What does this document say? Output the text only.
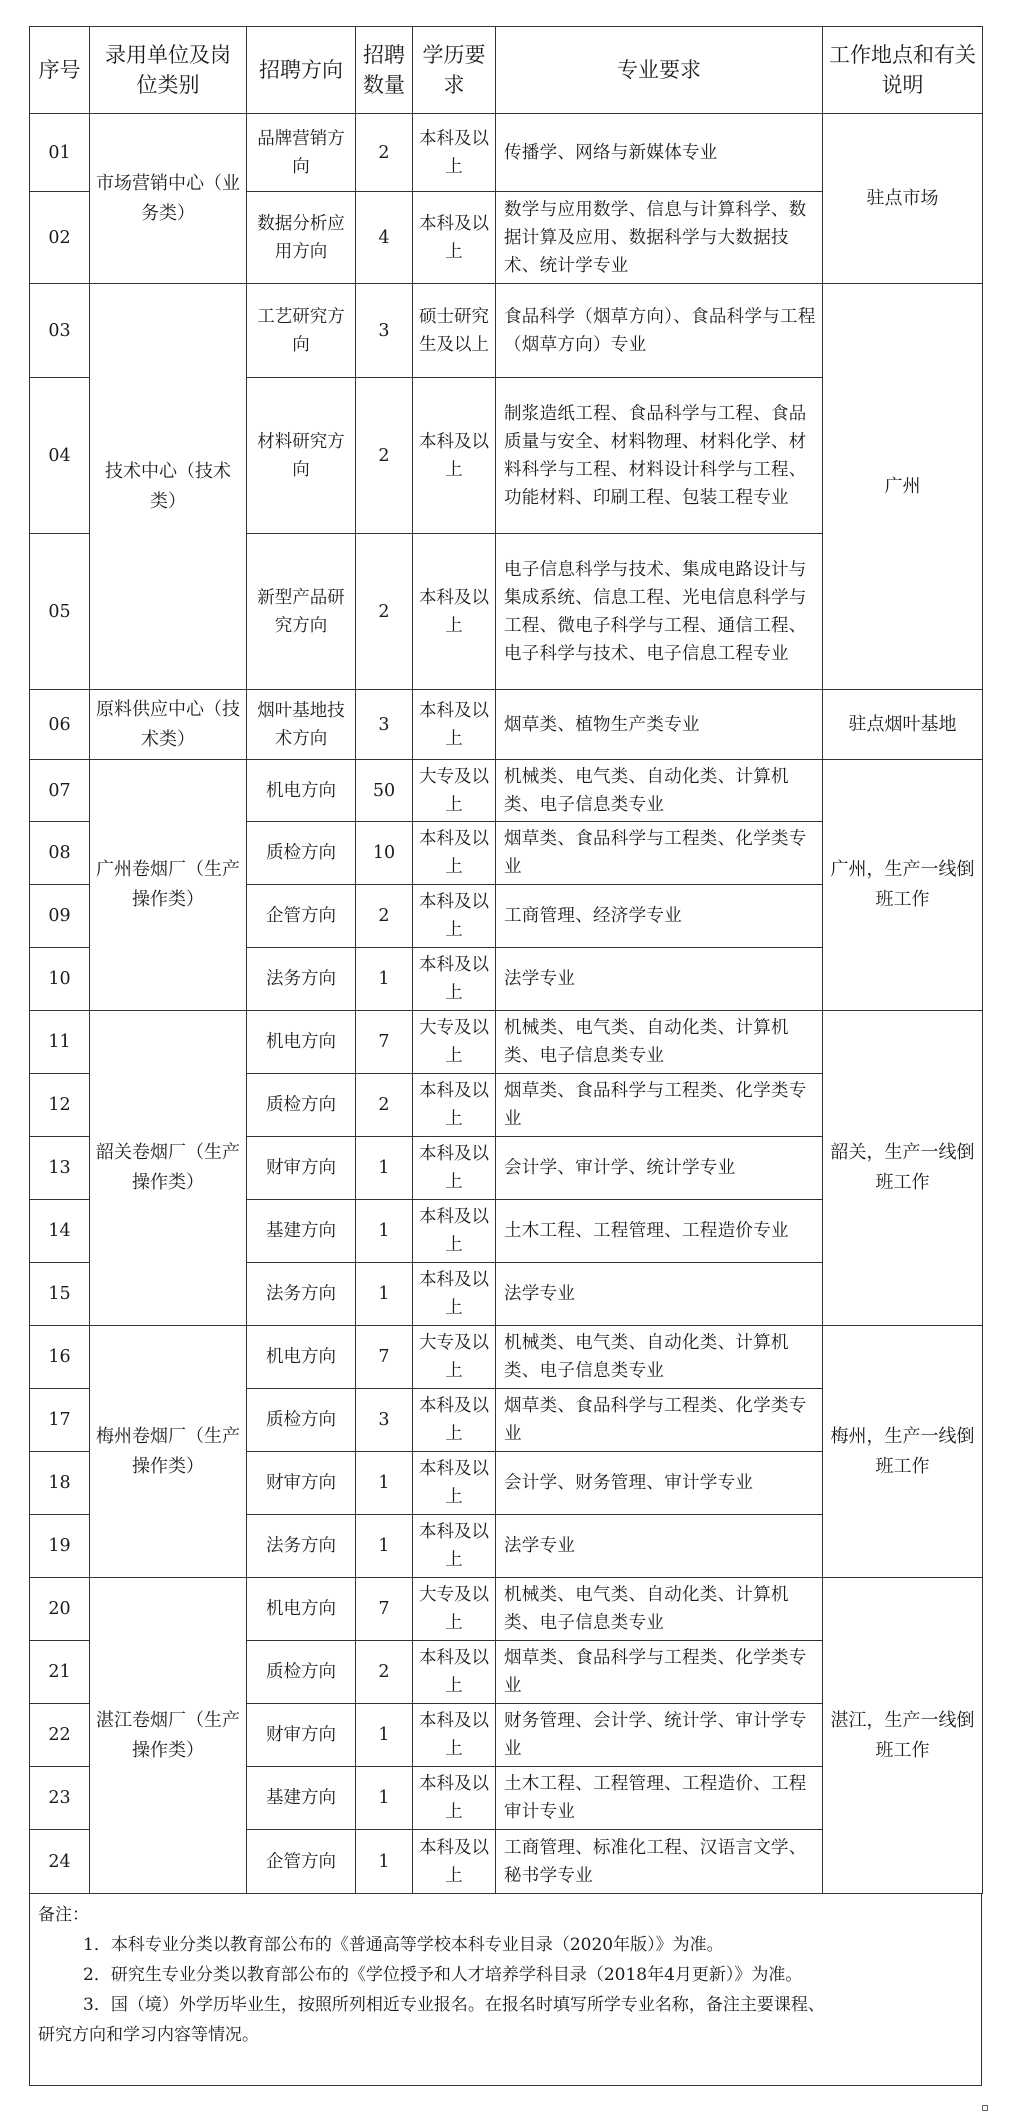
序号	录用单位及岗位类别	招聘方向	招聘数量	学历要求	专业要求	工作地点和有关说明
01	市场营销中心（业务类）	品牌营销方向	2	本科及以上	传播学、网络与新媒体专业	驻点市场
02		数据分析应用方向	4	本科及以上	数学与应用数学、信息与计算科学、数据计算及应用、数据科学与大数据技术、统计学专业	
03	技术中心（技术类）	工艺研究方向	3	硕士研究生及以上	食品科学（烟草方向）、食品科学与工程（烟草方向）专业	广州
04		材料研究方向	2	本科及以上	制浆造纸工程、食品科学与工程、食品质量与安全、材料物理、材料化学、材料科学与工程、材料设计科学与工程、功能材料、印刷工程、包装工程专业	
05		新型产品研究方向	2	本科及以上	电子信息科学与技术、集成电路设计与集成系统、信息工程、光电信息科学与工程、微电子科学与工程、通信工程、电子科学与技术、电子信息工程专业	
06	原料供应中心（技术类）	烟叶基地技术方向	3	本科及以上	烟草类、植物生产类专业	驻点烟叶基地
07	广州卷烟厂（生产操作类）	机电方向	50	大专及以上	机械类、电气类、自动化类、计算机类、电子信息类专业	广州，生产一线倒班工作
08		质检方向	10	本科及以上	烟草类、食品科学与工程类、化学类专业	
09		企管方向	2	本科及以上	工商管理、经济学专业	
10		法务方向	1	本科及以上	法学专业	
11	韶关卷烟厂（生产操作类）	机电方向	7	大专及以上	机械类、电气类、自动化类、计算机类、电子信息类专业	韶关，生产一线倒班工作
12		质检方向	2	本科及以上	烟草类、食品科学与工程类、化学类专业	
13		财审方向	1	本科及以上	会计学、审计学、统计学专业	
14		基建方向	1	本科及以上	土木工程、工程管理、工程造价专业	
15		法务方向	1	本科及以上	法学专业	
16	梅州卷烟厂（生产操作类）	机电方向	7	大专及以上	机械类、电气类、自动化类、计算机类、电子信息类专业	梅州，生产一线倒班工作
17		质检方向	3	本科及以上	烟草类、食品科学与工程类、化学类专业	
18		财审方向	1	本科及以上	会计学、财务管理、审计学专业	
19		法务方向	1	本科及以上	法学专业	
20	湛江卷烟厂（生产操作类）	机电方向	7	大专及以上	机械类、电气类、自动化类、计算机类、电子信息类专业	湛江，生产一线倒班工作
21		质检方向	2	本科及以上	烟草类、食品科学与工程类、化学类专业	
22		财审方向	1	本科及以上	财务管理、会计学、统计学、审计学专业	
23		基建方向	1	本科及以上	土木工程、工程管理、工程造价、工程审计专业	
24		企管方向	1	本科及以上	工商管理、标准化工程、汉语言文学、秘书学专业	
备注：
1．本科专业分类以教育部公布的《普通高等学校本科专业目录（2020年版）》为准。
2．研究生专业分类以教育部公布的《学位授予和人才培养学科目录（2018年4月更新）》为准。
3．国（境）外学历毕业生，按照所列相近专业报名。在报名时填写所学专业名称，备注主要课程、
研究方向和学习内容等情况。
